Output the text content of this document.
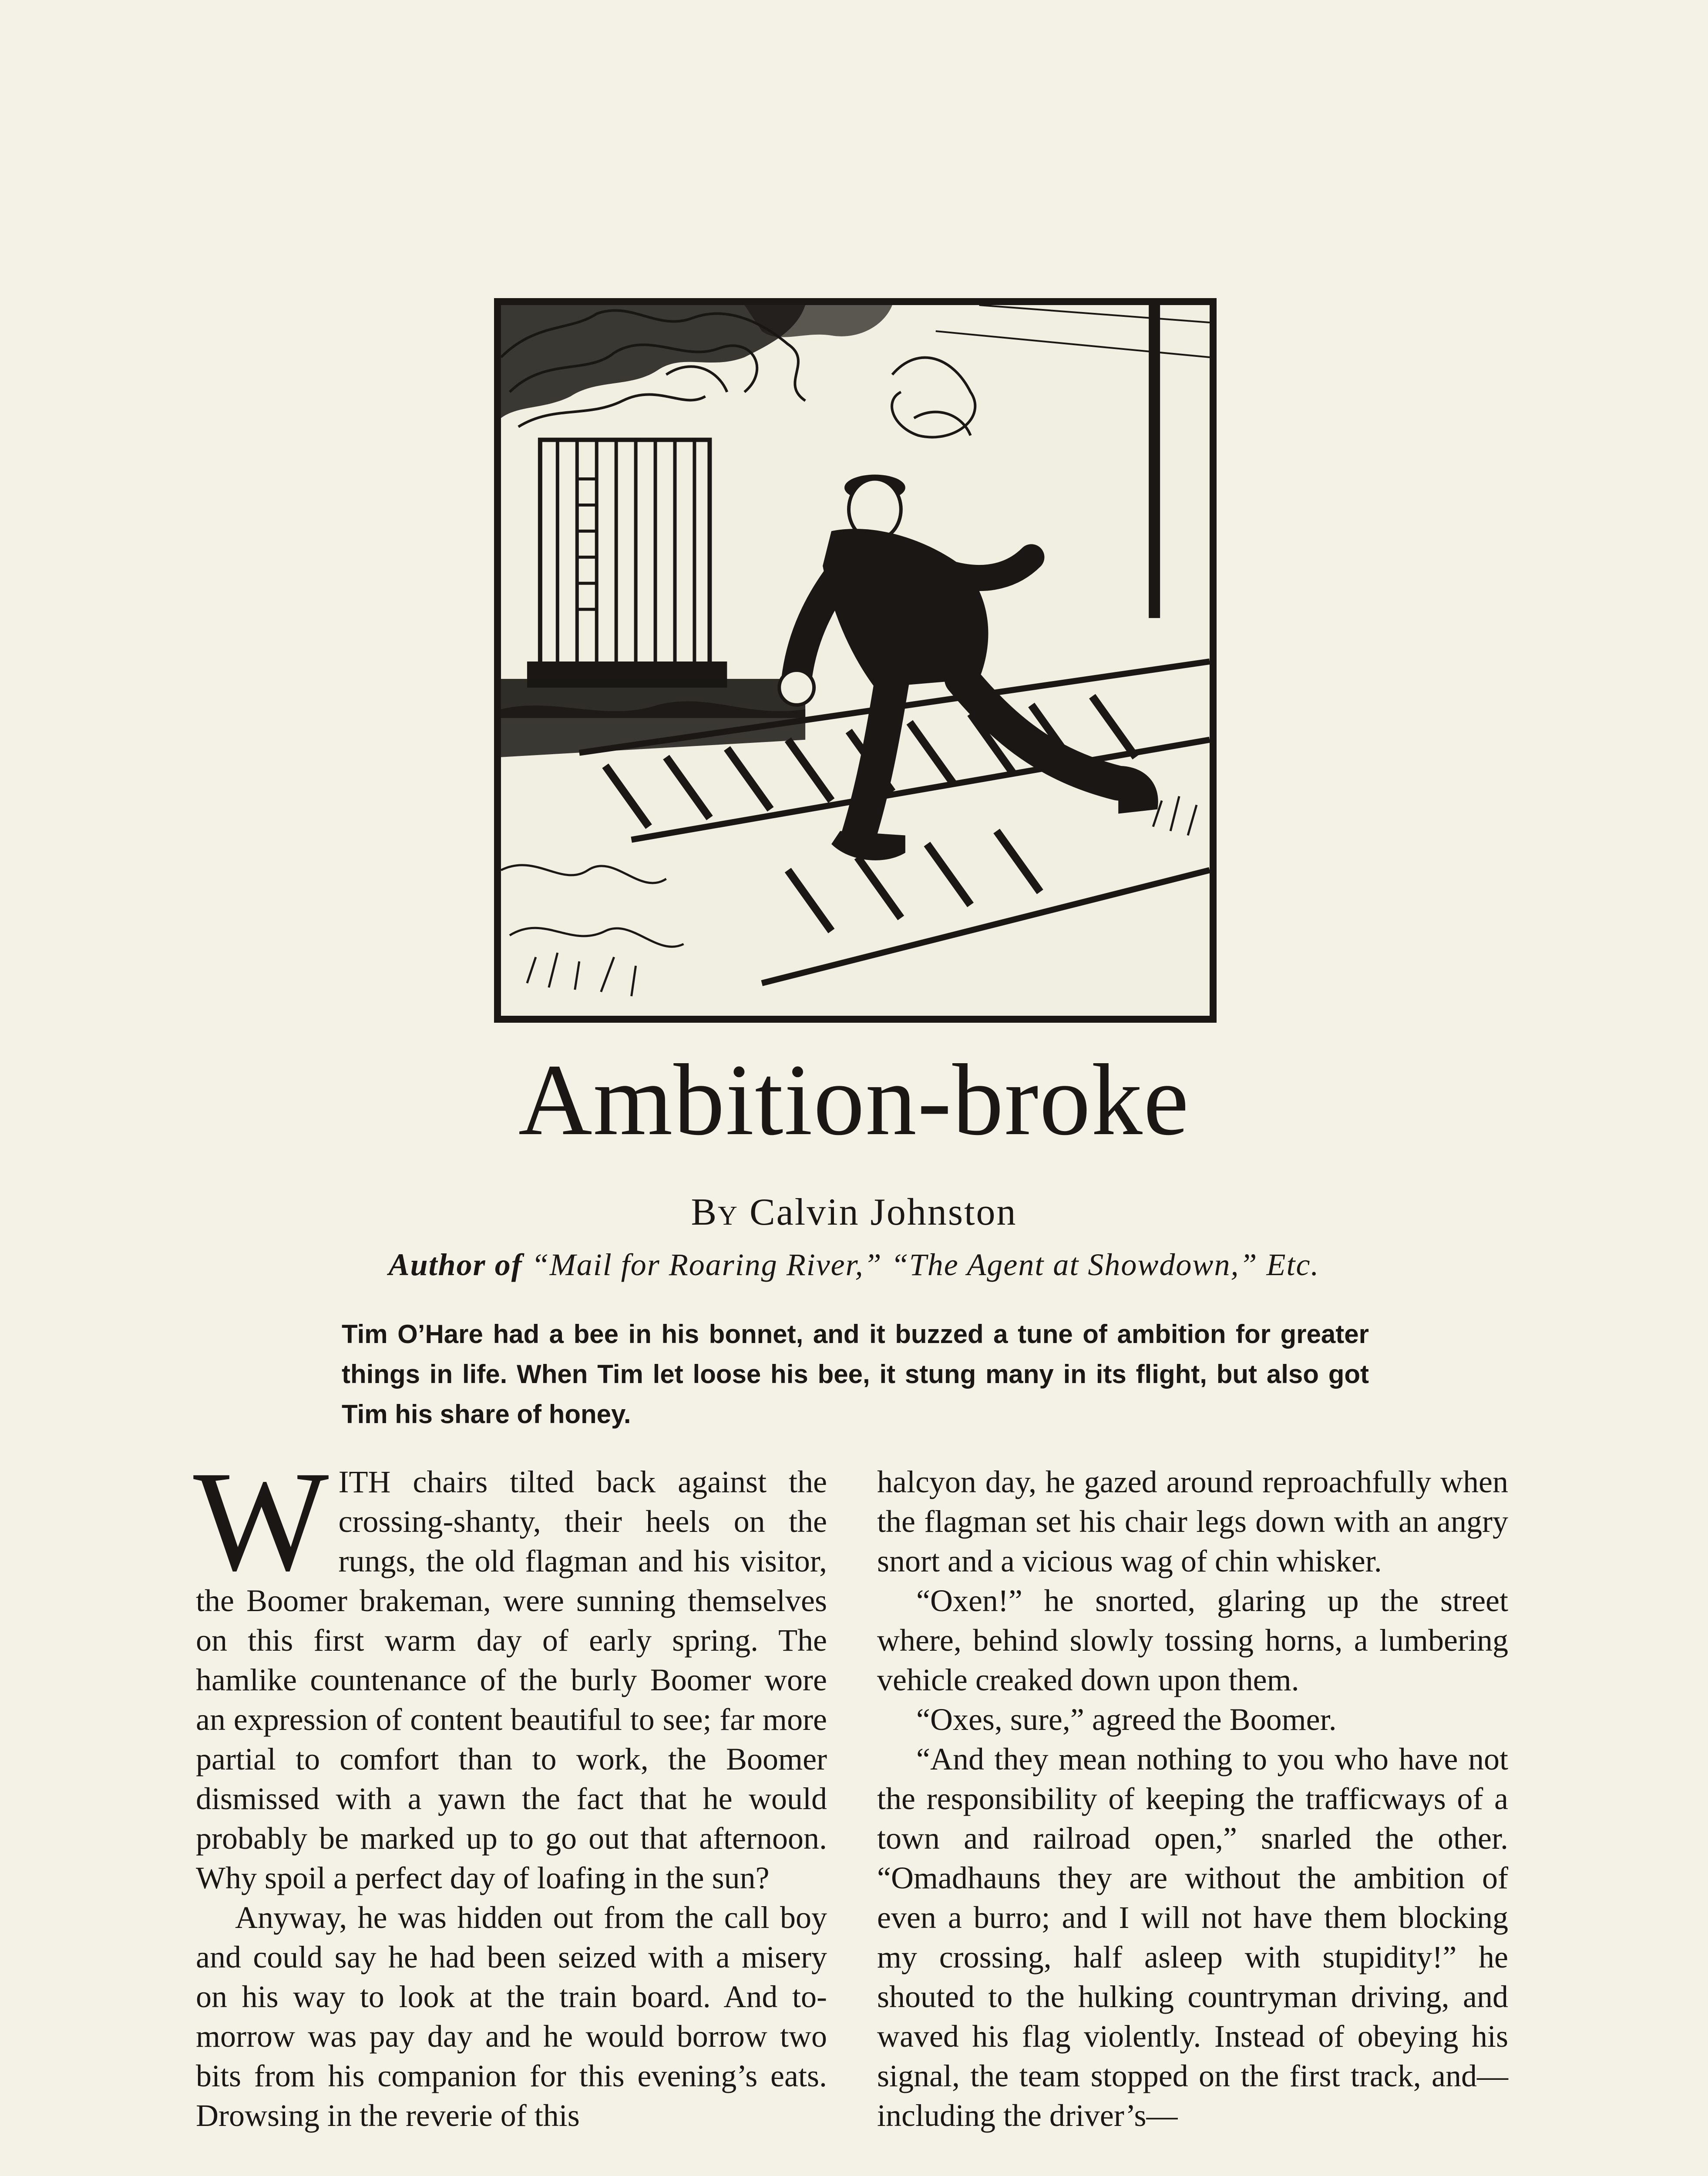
Ambition-broke
By Calvin Johnston
Author of “Mail for Roaring River,” “The Agent at Showdown,” Etc.
Tim O’Hare had a bee in his bonnet, and it buzzed a tune of ambition for greater things in life. When Tim let loose his bee, it stung many in its flight, but also got Tim his share of honey.

WITH chairs tilted back against the crossing-shanty, their heels on the rungs, the old flagman and his visitor, the Boomer brakeman, were sunning themselves on this first warm day of early spring. The hamlike countenance of the burly Boomer wore an expression of content beautiful to see; far more partial to comfort than to work, the Boomer dismissed with a yawn the fact that he would probably be marked up to go out that afternoon. Why spoil a perfect day of loafing in the sun?

Anyway, he was hidden out from the call boy and could say he had been seized with a misery on his way to look at the train board. And to-morrow was pay day and he would borrow two bits from his companion for this evening’s eats. Drowsing in the reverie of this

halcyon day, he gazed around reproachfully when the flagman set his chair legs down with an angry snort and a vicious wag of chin whisker.

“Oxen!” he snorted, glaring up the street where, behind slowly tossing horns, a lumbering vehicle creaked down upon them.

“Oxes, sure,” agreed the Boomer.

“And they mean nothing to you who have not the responsibility of keeping the trafficways of a town and railroad open,” snarled the other. “Omadhauns they are without the ambition of even a burro; and I will not have them blocking my crossing, half asleep with stupidity!” he shouted to the hulking countryman driving, and waved his flag violently. Instead of obeying his signal, the team stopped on the first track, and—including the driver’s—
